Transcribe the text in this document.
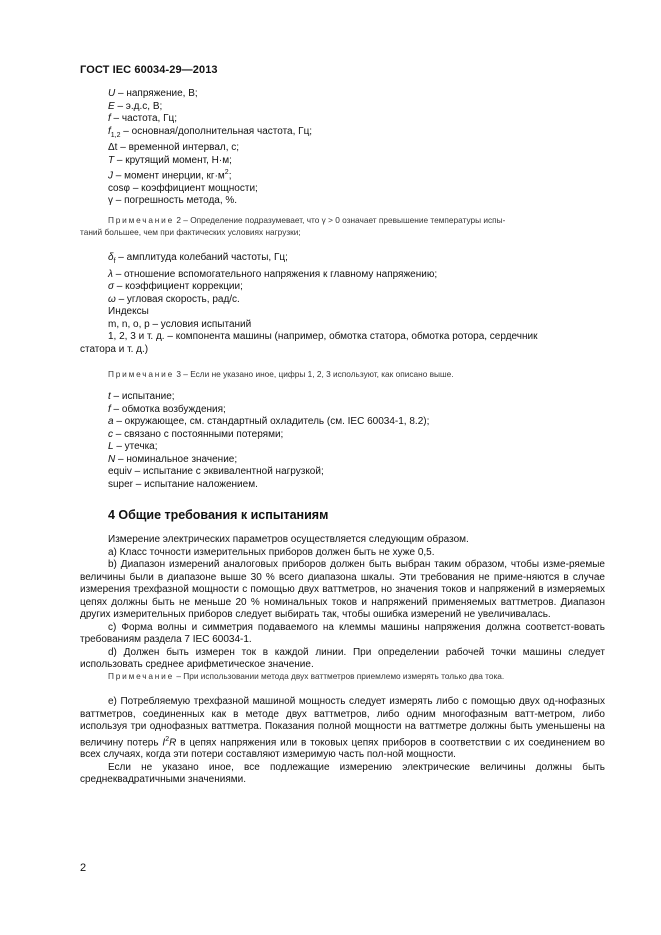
ГОСТ IEC 60034-29—2013
U – напряжение, В;
E – э.д.с, В;
f – частота, Гц;
$f_{1,2}$ – основная/дополнительная частота, Гц;
Δt – временной интервал, с;
T – крутящий момент, Н·м;
J – момент инерции, $кг\cdot м^2$;
cosφ – коэффициент мощности;
γ – погрешность метода, %.
Примечание 2 – Определение подразумевает, что γ > 0 означает превышение температуры испы-
таний большее, чем при фактических условиях нагрузки;
$\delta_f$ – амплитуда колебаний частоты, Гц;
λ – отношение вспомогательного напряжения к главному напряжению;
σ – коэффициент коррекции;
ω – угловая скорость, рад/с.
Индексы
m, n, o, p – условия испытаний
1, 2, 3 и т. д. – компонента машины (например, обмотка статора, обмотка ротора, сердечник
статора и т. д.)
Примечание 3 – Если не указано иное, цифры 1, 2, 3 используют, как описано выше.
t – испытание;
f – обмотка возбуждения;
a – окружающее, см. стандартный охладитель (см. IEC 60034-1, 8.2);
c – связано с постоянными потерями;
L – утечка;
N – номинальное значение;
equiv – испытание с эквивалентной нагрузкой;
super – испытание наложением.
4 Общие требования к испытаниям

Измерение электрических параметров осуществляется следующим образом.

a) Класс точности измерительных приборов должен быть не хуже 0,5.

b) Диапазон измерений аналоговых приборов должен быть выбран таким образом, чтобы изме-ряемые величины были в диапазоне выше 30 % всего диапазона шкалы. Эти требования не приме-няются в случае измерения трехфазной мощности с помощью двух ваттметров, но значения токов и напряжений в измеряемых цепях должны быть не меньше 20 % номинальных токов и напряжений применяемых ваттметров. Диапазон других измерительных приборов следует выбирать так, чтобы ошибка измерений не увеличивалась.

c) Форма волны и симметрия подаваемого на клеммы машины напряжения должна соответст-вовать требованиям раздела 7 IEC 60034-1.

d) Должен быть измерен ток в каждой линии. При определении рабочей точки машины следует использовать среднее арифметическое значение.

Примечание – При использовании метода двух ваттметров приемлемо измерять только два тока.

e) Потребляемую трехфазной машиной мощность следует измерять либо с помощью двух од-нофазных ваттметров, соединенных как в методе двух ваттметров, либо одним многофазным ватт-метром, либо используя три однофазных ваттметра. Показания полной мощности на ваттметре должны быть уменьшены на величину потерь $I^2R$ в цепях напряжения или в токовых цепях приборов в соответствии с их соединением во всех случаях, когда эти потери составляют измеримую часть пол-ной мощности.

Если не указано иное, все подлежащие измерению электрические величины должны быть среднеквадратичными значениями.

2
